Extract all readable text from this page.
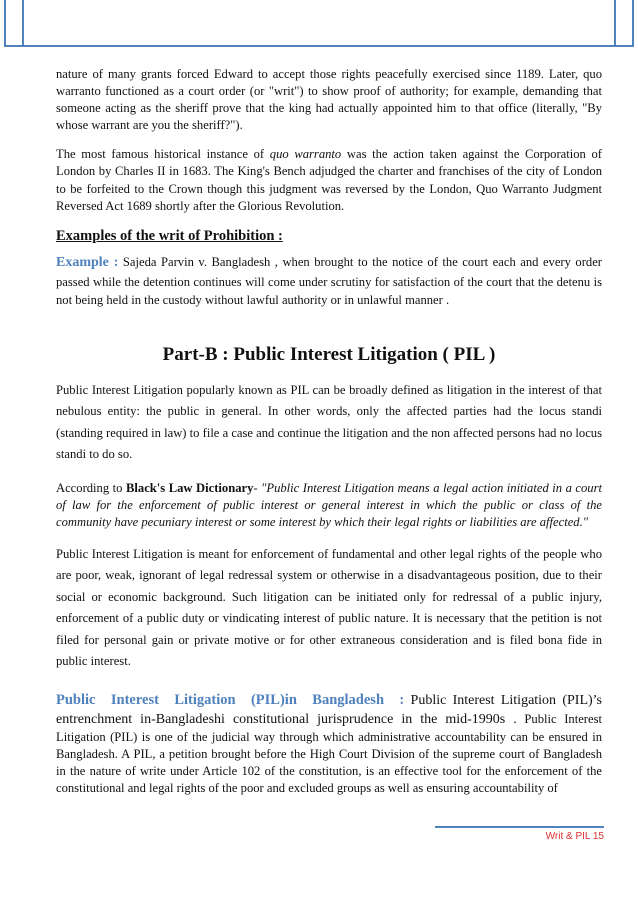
nature of many grants forced Edward to accept those rights peacefully exercised since 1189. Later, quo warranto functioned as a court order (or "writ") to show proof of authority; for example, demanding that someone acting as the sheriff prove that the king had actually appointed him to that office (literally, "By whose warrant are you the sheriff?").

The most famous historical instance of quo warranto was the action taken against the Corporation of London by Charles II in 1683. The King's Bench adjudged the charter and franchises of the city of London to be forfeited to the Crown though this judgment was reversed by the London, Quo Warranto Judgment Reversed Act 1689 shortly after the Glorious Revolution.

Examples of the writ of Prohibition :

Example : Sajeda Parvin v. Bangladesh , when brought to the notice of the court each and every order passed while the detention continues will come under scrutiny for satisfaction of the court that the detenu is not being held in the custody without lawful authority or in unlawful manner .

Part-B : Public Interest Litigation ( PIL )

Public Interest Litigation popularly known as PIL can be broadly defined as litigation in the interest of that nebulous entity: the public in general. In other words, only the affected parties had the locus standi (standing required in law) to file a case and continue the litigation and the non affected persons had no locus standi to do so.

According to Black's Law Dictionary- "Public Interest Litigation means a legal action initiated in a court of law for the enforcement of public interest or general interest in which the public or class of the community have pecuniary interest or some interest by which their legal rights or liabilities are affected."

Public Interest Litigation is meant for enforcement of fundamental and other legal rights of the people who are poor, weak, ignorant of legal redressal system or otherwise in a disadvantageous position, due to their social or economic background. Such litigation can be initiated only for redressal of a public injury, enforcement of a public duty or vindicating interest of public nature. It is necessary that the petition is not filed for personal gain or private motive or for other extraneous consideration and is filed bona fide in public interest.

Public Interest Litigation (PIL)in Bangladesh : Public Interest Litigation (PIL)’s entrenchment in-Bangladeshi constitutional jurisprudence in the mid-1990s . Public Interest Litigation (PIL) is one of the judicial way through which administrative accountability can be ensured in Bangladesh. A PIL, a petition brought before the High Court Division of the supreme court of Bangladesh in the nature of write under Article 102 of the constitution, is an effective tool for the enforcement of the constitutional and legal rights of the poor and excluded groups as well as ensuring accountability of

Writ & PIL 15
